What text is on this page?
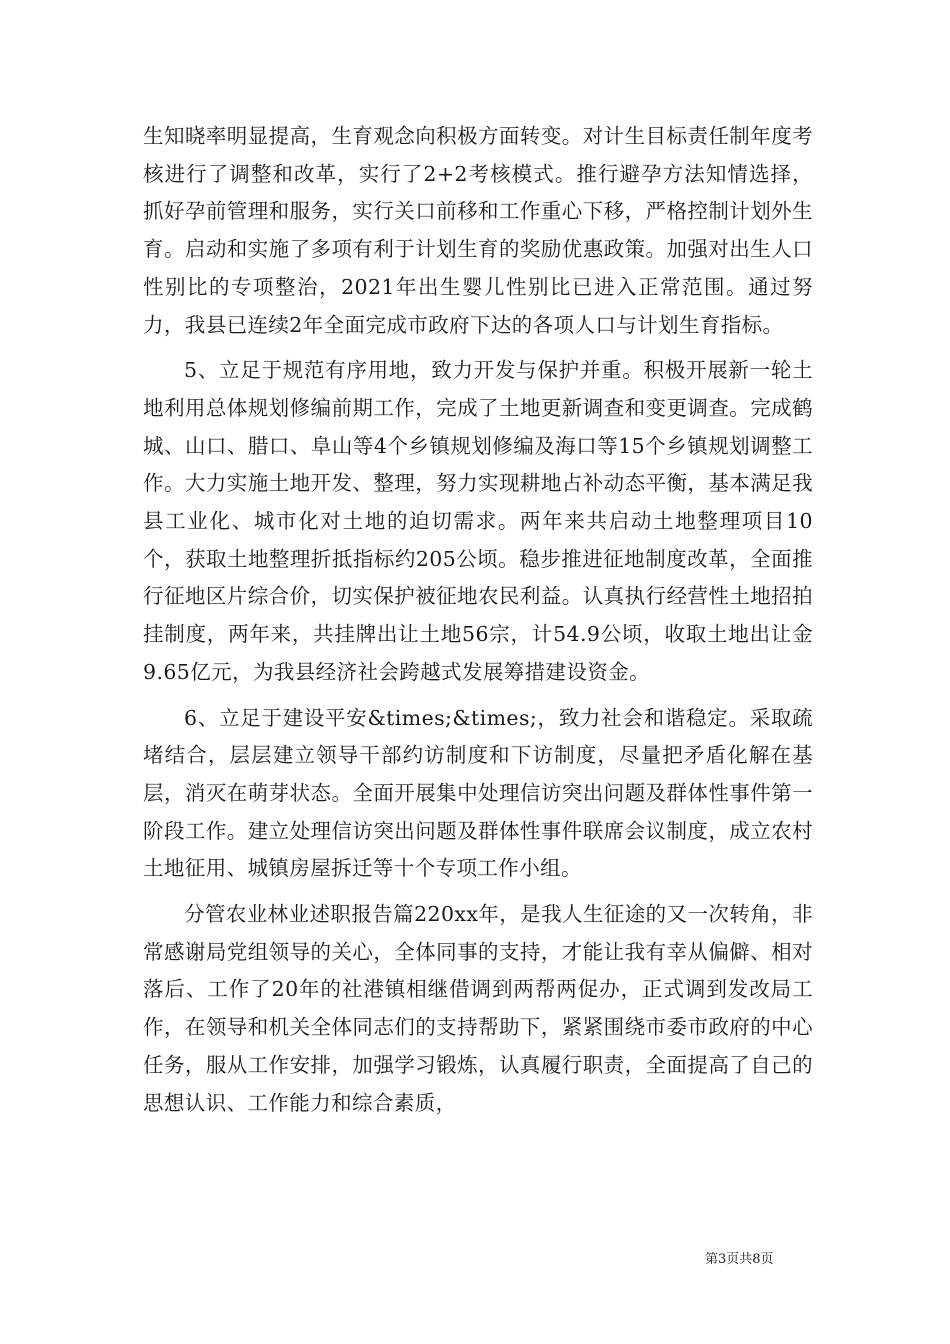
生知晓率明显提高，生育观念向积极方面转变。对计生目标责任制年度考核进行了调整和改革，实行了2+2考核模式。推行避孕方法知情选择，抓好孕前管理和服务，实行关口前移和工作重心下移，严格控制计划外生育。启动和实施了多项有利于计划生育的奖励优惠政策。加强对出生人口性别比的专项整治，2021年出生婴儿性别比已进入正常范围。通过努力，我县已连续2年全面完成市政府下达的各项人口与计划生育指标。

5、立足于规范有序用地，致力开发与保护并重。积极开展新一轮土地利用总体规划修编前期工作，完成了土地更新调查和变更调查。完成鹤城、山口、腊口、阜山等4个乡镇规划修编及海口等15个乡镇规划调整工作。大力实施土地开发、整理，努力实现耕地占补动态平衡，基本满足我县工业化、城市化对土地的迫切需求。两年来共启动土地整理项目10个，获取土地整理折抵指标约205公顷。稳步推进征地制度改革，全面推行征地区片综合价，切实保护被征地农民利益。认真执行经营性土地招拍挂制度，两年来，共挂牌出让土地56宗，计54.9公顷，收取土地出让金9.65亿元，为我县经济社会跨越式发展筹措建设资金。

6、立足于建设平安&times;&times;，致力社会和谐稳定。采取疏堵结合，层层建立领导干部约访制度和下访制度，尽量把矛盾化解在基层，消灭在萌芽状态。全面开展集中处理信访突出问题及群体性事件第一阶段工作。建立处理信访突出问题及群体性事件联席会议制度，成立农村土地征用、城镇房屋拆迁等十个专项工作小组。

分管农业林业述职报告篇220xx年，是我人生征途的又一次转角，非常感谢局党组领导的关心，全体同事的支持，才能让我有幸从偏僻、相对落后、工作了20年的社港镇相继借调到两帮两促办，正式调到发改局工作，在领导和机关全体同志们的支持帮助下，紧紧围绕市委市政府的中心任务，服从工作安排，加强学习锻炼，认真履行职责，全面提高了自己的思想认识、工作能力和综合素质，

第3页共8页
